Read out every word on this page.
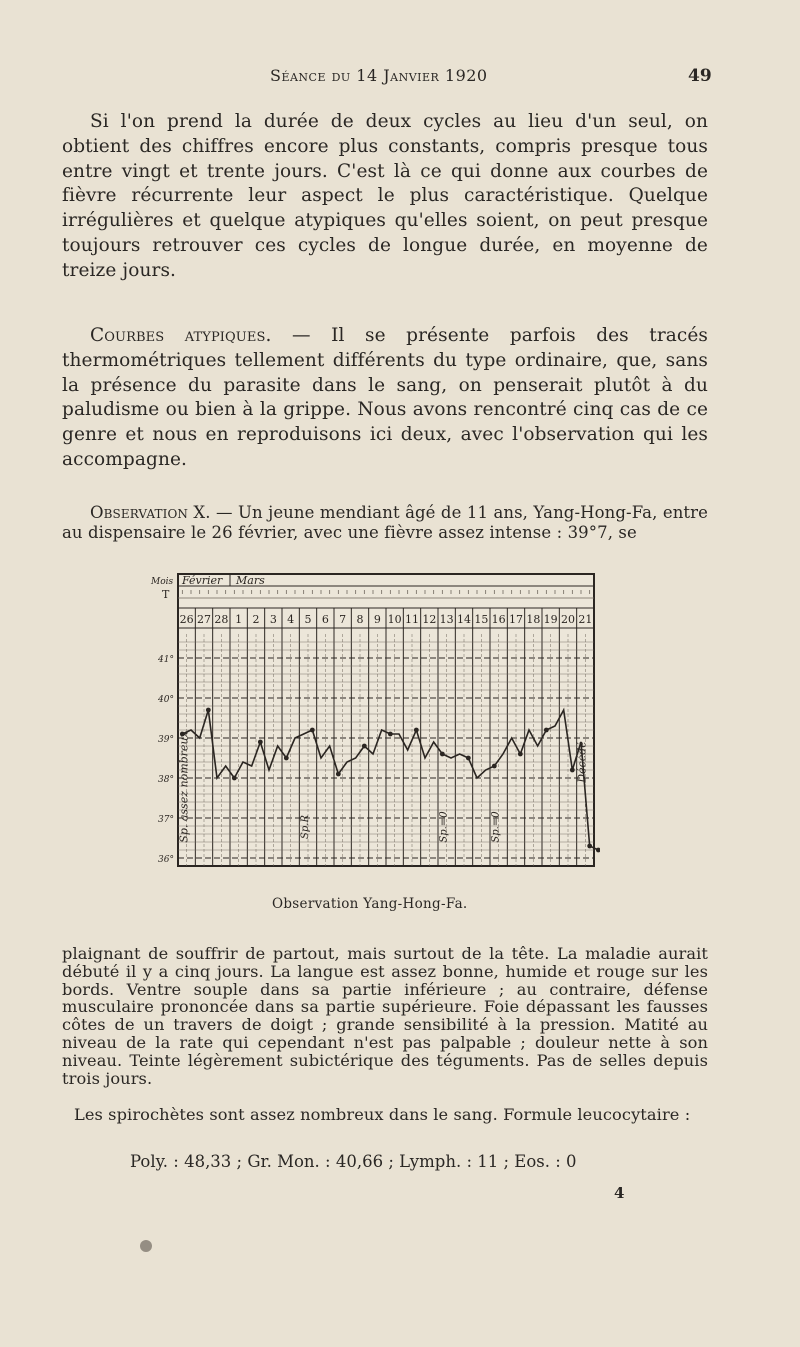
Séance du 14 Janvier 1920	49

Si l'on prend la durée de deux cycles au lieu d'un seul, on obtient des chiffres encore plus constants, compris presque tous entre vingt et trente jours. C'est là ce qui donne aux courbes de fièvre récurrente leur aspect le plus caractéristique. Quelque irrégulières et quelque atypiques qu'elles soient, on peut presque toujours retrouver ces cycles de longue durée, en moyenne de treize jours.

Courbes atypiques. — Il se présente parfois des tracés thermométriques tellement différents du type ordinaire, que, sans la présence du parasite dans le sang, on penserait plutôt à du paludisme ou bien à la grippe. Nous avons rencontré cinq cas de ce genre et nous en reproduisons ici deux, avec l'observation qui les accompagne.

Observation X. — Un jeune mendiant âgé de 11 ans, Yang-Hong-Fa, entre au dispensaire le 26 février, avec une fièvre assez intense : 39°7, se

Mois
T
Février Mars
26 27 28 1 2 3 4 5 6 7 8 9 10 11 12 13 14 15 16 17 18 19 20 21
41°
40°
39°
38°
37°
36°
Sp. assez nombreux	Sp.R	Sp.=0	Sp.=0
Décédé
Observation Yang-Hong-Fa.

plaignant de souffrir de partout, mais surtout de la tête. La maladie aurait débuté il y a cinq jours. La langue est assez bonne, humide et rouge sur les bords. Ventre souple dans sa partie inférieure ; au contraire, défense musculaire prononcée dans sa partie supérieure. Foie dépassant les fausses côtes de un travers de doigt ; grande sensibilité à la pression. Matité au niveau de la rate qui cependant n'est pas palpable ; douleur nette à son niveau. Teinte légèrement subictérique des téguments. Pas de selles depuis trois jours.

Les spirochètes sont assez nombreux dans le sang. Formule leucocytaire :

Poly. : 48,33 ; Gr. Mon. : 40,66 ; Lymph. : 11 ; Eos. : 0
4
